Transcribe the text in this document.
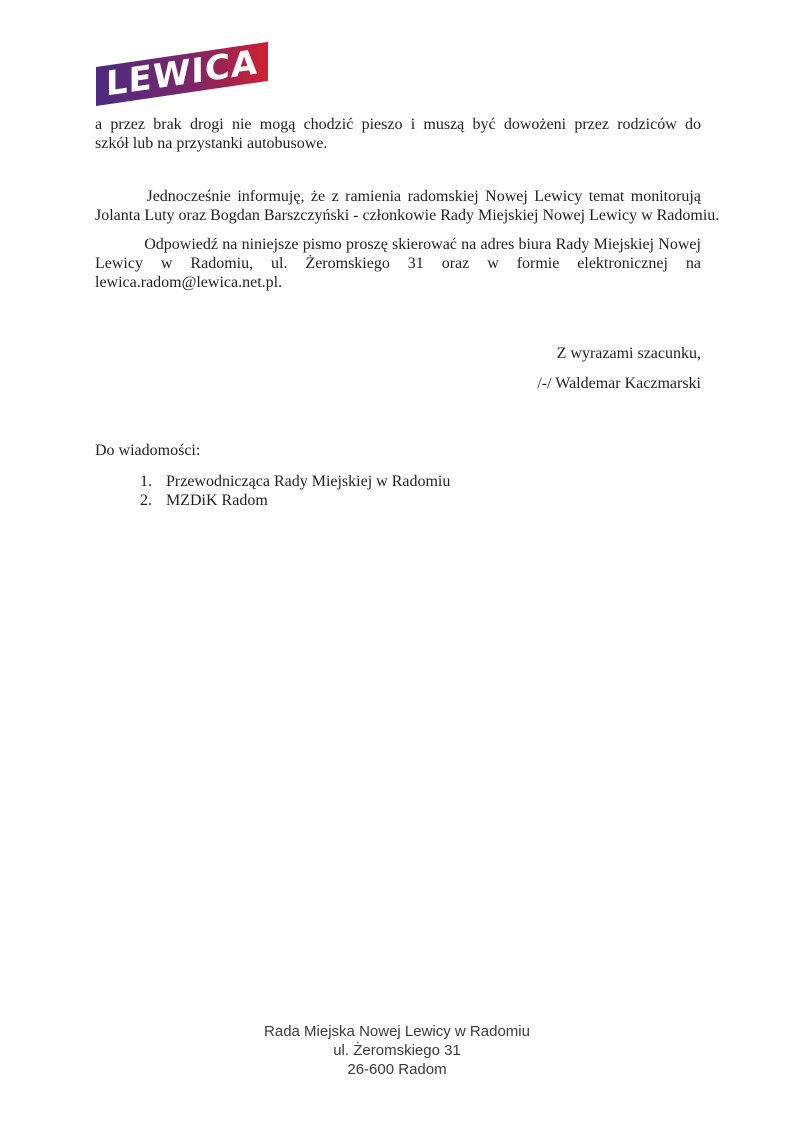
LEWICA
a przez brak drogi nie mogą chodzić pieszo i muszą być dowożeni przez rodziców do
szkół lub na przystanki autobusowe.
Jednocześnie informuję, że z ramienia radomskiej Nowej Lewicy temat monitorują
Jolanta Luty oraz Bogdan Barszczyński - członkowie Rady Miejskiej Nowej Lewicy w Radomiu.
Odpowiedź na niniejsze pismo proszę skierować na adres biura Rady Miejskiej Nowej
Lewicy w Radomiu, ul. Żeromskiego 31 oraz w formie elektronicznej na
lewica.radom@lewica.net.pl.
Z wyrazami szacunku,
/-/ Waldemar Kaczmarski
Do wiadomości:
1. Przewodnicząca Rady Miejskiej w Radomiu
2. MZDiK Radom
Rada Miejska Nowej Lewicy w Radomiu
ul. Żeromskiego 31
26-600 Radom
